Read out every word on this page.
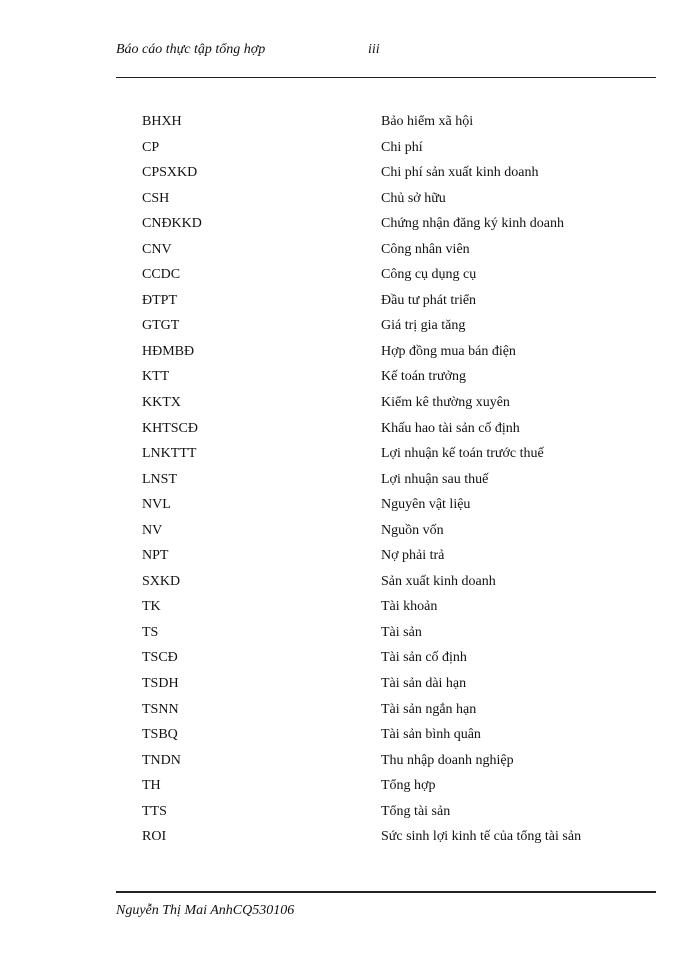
Báo cáo thực tập tổng hợp	iii
BHXH	Bảo hiểm xã hội
CP	Chi phí
CPSXKD	Chi phí sản xuất kinh doanh
CSH	Chủ sở hữu
CNĐKKD	Chứng nhận đăng ký kinh doanh
CNV	Công nhân viên
CCDC	Công cụ dụng cụ
ĐTPT	Đầu tư phát triển
GTGT	Giá trị gia tăng
HĐMBĐ	Hợp đồng mua bán điện
KTT	Kế toán trưởng
KKTX	Kiểm kê thường xuyên
KHTSCĐ	Khấu hao tài sản cố định
LNKTTT	Lợi nhuận kế toán trước thuế
LNST	Lợi nhuận sau thuế
NVL	Nguyên vật liệu
NV	Nguồn vốn
NPT	Nợ phải trả
SXKD	Sản xuất kinh doanh
TK	Tài khoản
TS	Tài sản
TSCĐ	Tài sản cố định
TSDH	Tài sản dài hạn
TSNN	Tài sản ngắn hạn
TSBQ	Tài sản bình quân
TNDN	Thu nhập doanh nghiệp
TH	Tổng hợp
TTS	Tổng tài sản
ROI	Sức sinh lợi kinh tế của tổng tài sản
Nguyễn Thị Mai AnhCQ530106
